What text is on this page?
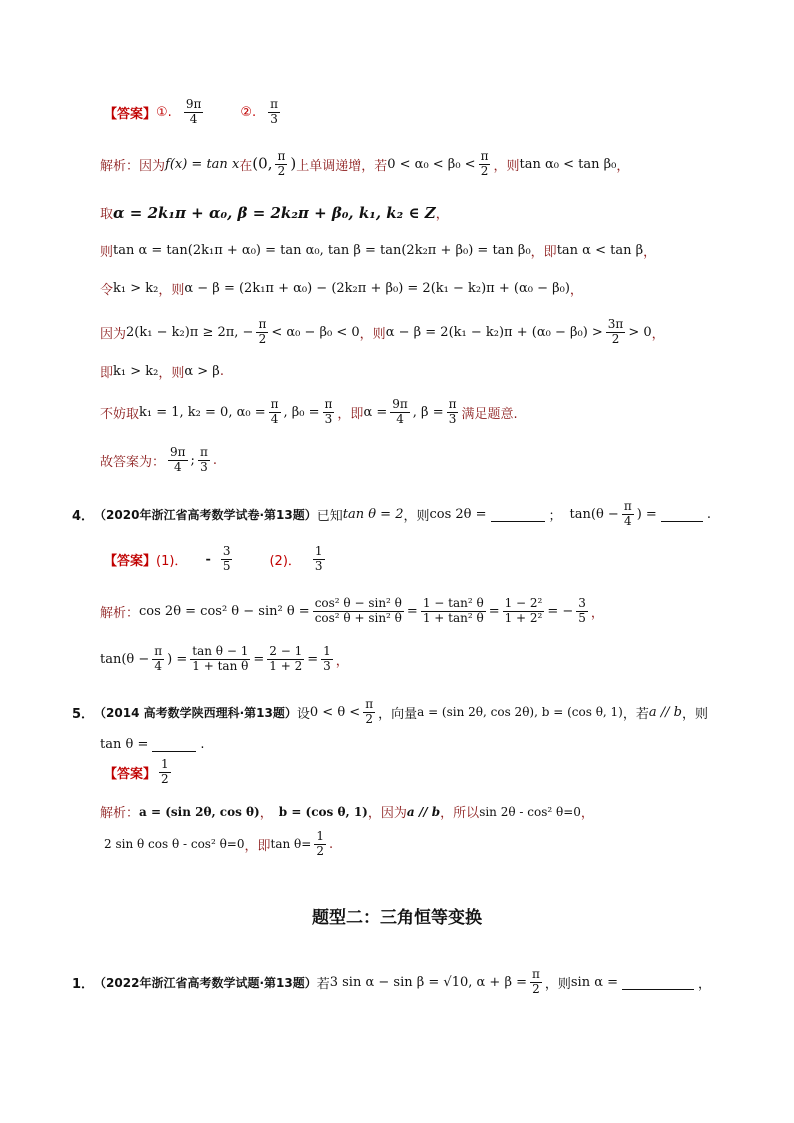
【答案】 ①. $\frac{9\pi}{4}$	②. $\frac{\pi}{3}$
解析：因为 f(x) = tan x 在 (0, $\frac{\pi}{2}$ ) 上单调递增，若 $0 < \alpha_0 < \beta_0 < \frac{\pi}{2}$ ，则 tan α₀ < tan β₀ ，
取 α = 2k₁π + α₀, β = 2k₂π + β₀, k₁, k₂ ∈ Z ，
则 tan α = tan(2k₁π + α₀) = tan α₀, tan β = tan(2k₂π + β₀) = tan β₀ ，即 tan α < tan β ，
令 k₁ > k₂ ，则 α − β = (2k₁π + α₀) − (2k₂π + β₀) = 2(k₁ − k₂)π + (α₀ − β₀) ，
因为 2(k₁ − k₂)π ≥ 2π, − $\frac{\pi}{2} < \alpha_0 - \beta_0 < 0$ ，则 $\alpha - \beta = 2(k_1 - k_2)\pi + (\alpha_0 - \beta_0) > \frac{3\pi}{2} > 0$ ，
即 k₁ > k₂ ，则 α > β .
不妨取 k₁ = 1, k₂ = 0, $\alpha_0 = \frac{\pi}{4}$ , $\beta_0 = \frac{\pi}{3}$ ，即 $\alpha = \frac{9\pi}{4}$ , $\beta = \frac{\pi}{3}$ 满足题意.
故答案为： $\frac{9\pi}{4}$ ; $\frac{\pi}{3}$ .
4． （2020年浙江省高考数学试卷·第13题） 已知 tan θ = 2 ，则 cos 2θ =	； $\tan(\theta - \frac{\pi}{4}$ ) =	.
【答案】 (1)． - $\frac{3}{5}$	(2)． $\frac{1}{3}$
解析： cos 2θ = cos² θ − sin² $\theta = \frac{\text{cos² θ − sin² θ}}{\text{cos² θ + sin² θ}} = \frac{\text{1 − tan² θ}}{\text{1 + tan² θ}} = \frac{\text{1 − 2²}}{\text{1 + 2²}}$ = − $\frac{3}{5}$ ，
$\tan(\theta - \frac{\pi}{4}$ ) = $\frac{\text{tan θ − 1}}{\text{1 + tan θ}} = \frac{2 - 1}{1 + 2} = \frac{1}{3}$ ，
5． （2014 高考数学陕西理科·第13题） 设 $0 < \theta < \frac{\pi}{2}$ ，向量 a = (sin 2θ, cos 2θ), b = (cos θ, 1) ，若 a // b ，则
tan θ =	.
【答案】 $\frac{1}{2}$
解析： a = (sin 2θ, cos θ) ， b = (cos θ, 1) ，因为 a // b ，所以 sin 2θ - cos² θ=0 ，
2 sin θ cos θ - cos² θ=0 ，即 $\tan \theta= \frac{1}{2}$ .
题型二：三角恒等变换
1． （2022年浙江省高考数学试题·第13题） 若 3 sin α − sin β = √10, $\alpha + \beta = \frac{\pi}{2}$ ，则 sin α =	，
